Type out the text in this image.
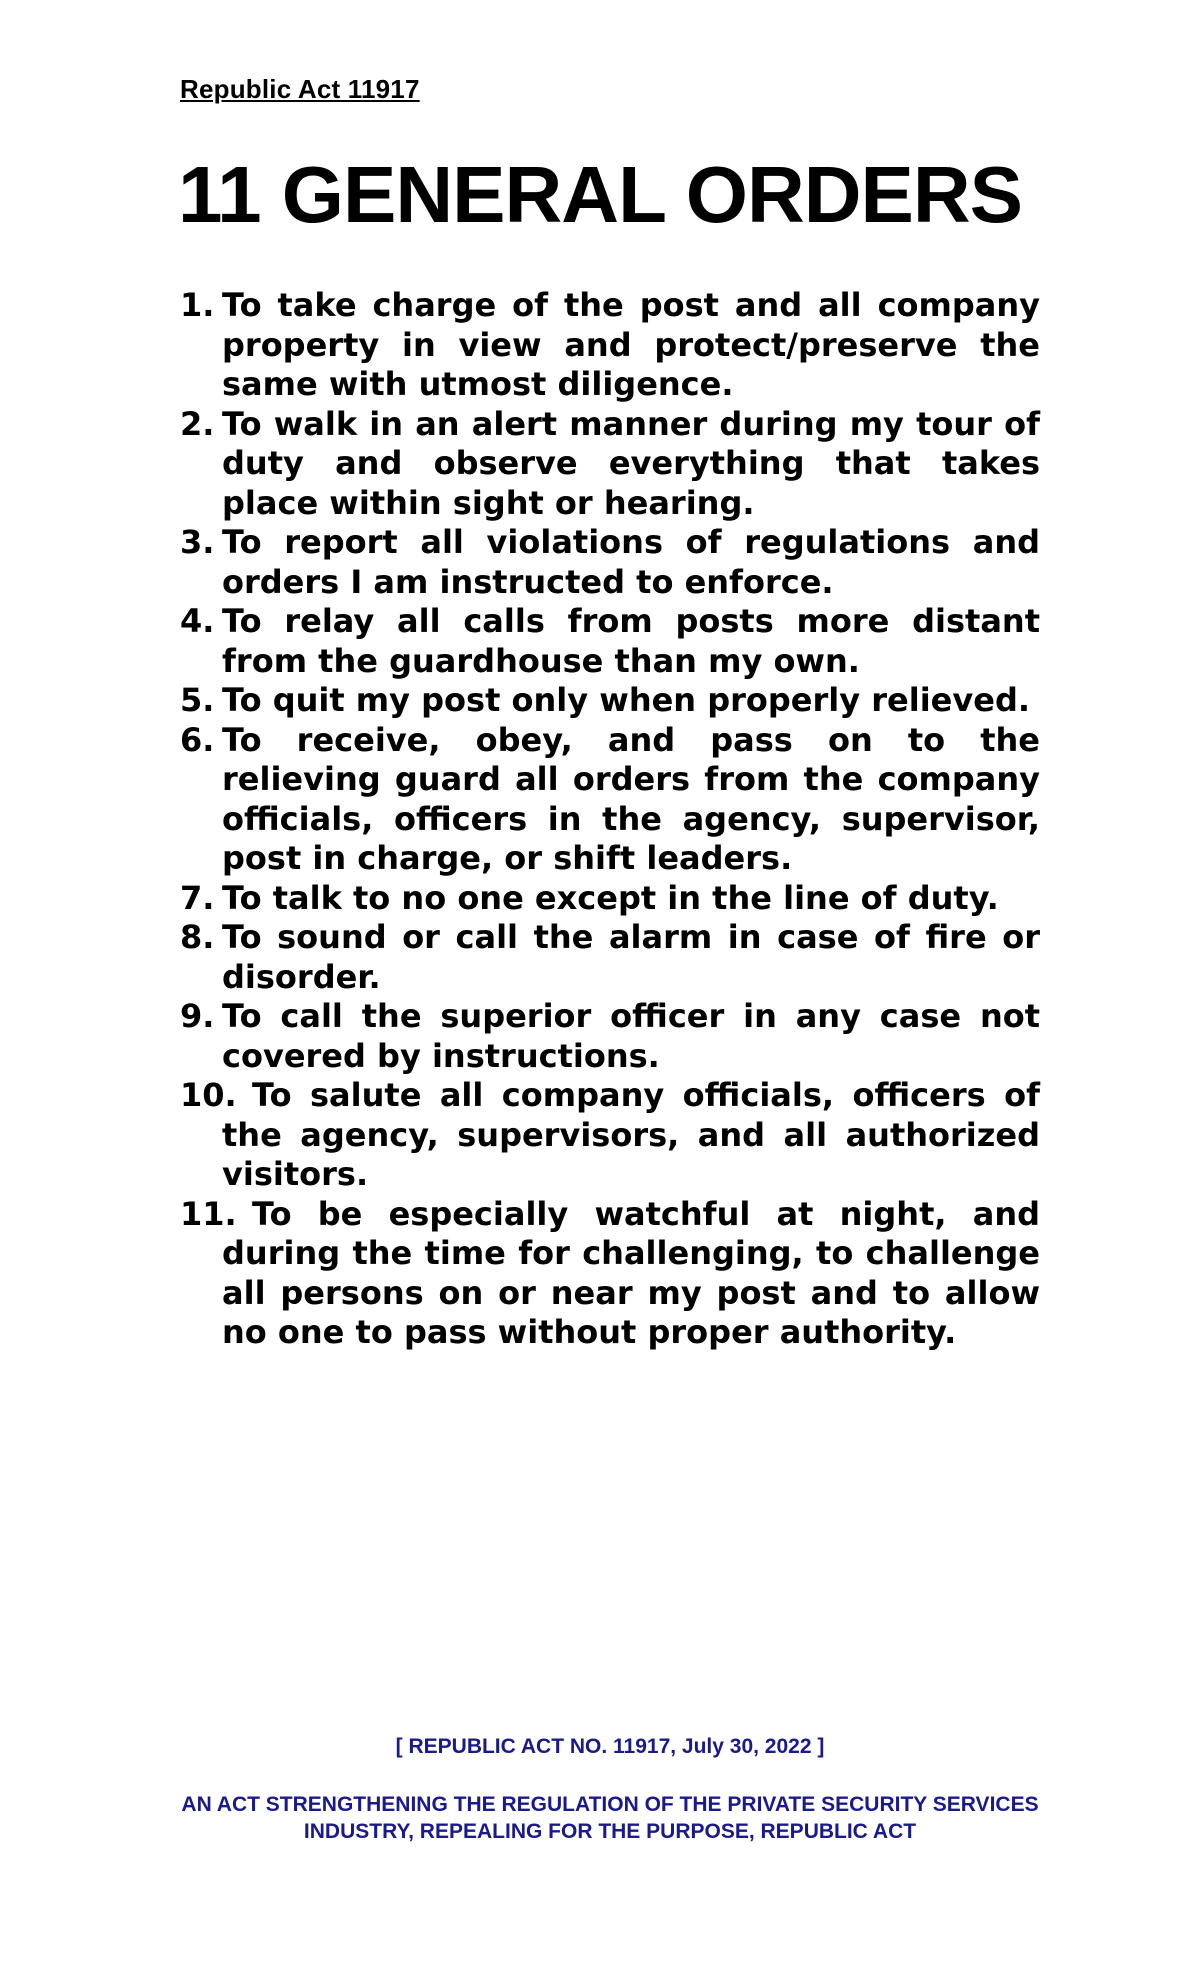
Republic Act 11917

11 GENERAL ORDERS
1. To take charge of the post and all company property in view and protect/preserve the same with utmost diligence.
2. To walk in an alert manner during my tour of duty and observe everything that takes place within sight or hearing.
3. To report all violations of regulations and orders I am instructed to enforce.
4. To relay all calls from posts more distant from the guardhouse than my own.
5. To quit my post only when properly relieved.
6. To receive, obey, and pass on to the relieving guard all orders from the company officials, officers in the agency, supervisor, post in charge, or shift leaders.
7. To talk to no one except in the line of duty.
8. To sound or call the alarm in case of fire or disorder.
9. To call the superior officer in any case not covered by instructions.
10. To salute all company officials, officers of the agency, supervisors, and all authorized visitors.
11. To be especially watchful at night, and during the time for challenging, to challenge all persons on or near my post and to allow no one to pass without proper authority.

[ REPUBLIC ACT NO. 11917, July 30, 2022 ]

AN ACT STRENGTHENING THE REGULATION OF THE PRIVATE SECURITY SERVICES INDUSTRY, REPEALING FOR THE PURPOSE, REPUBLIC ACT
